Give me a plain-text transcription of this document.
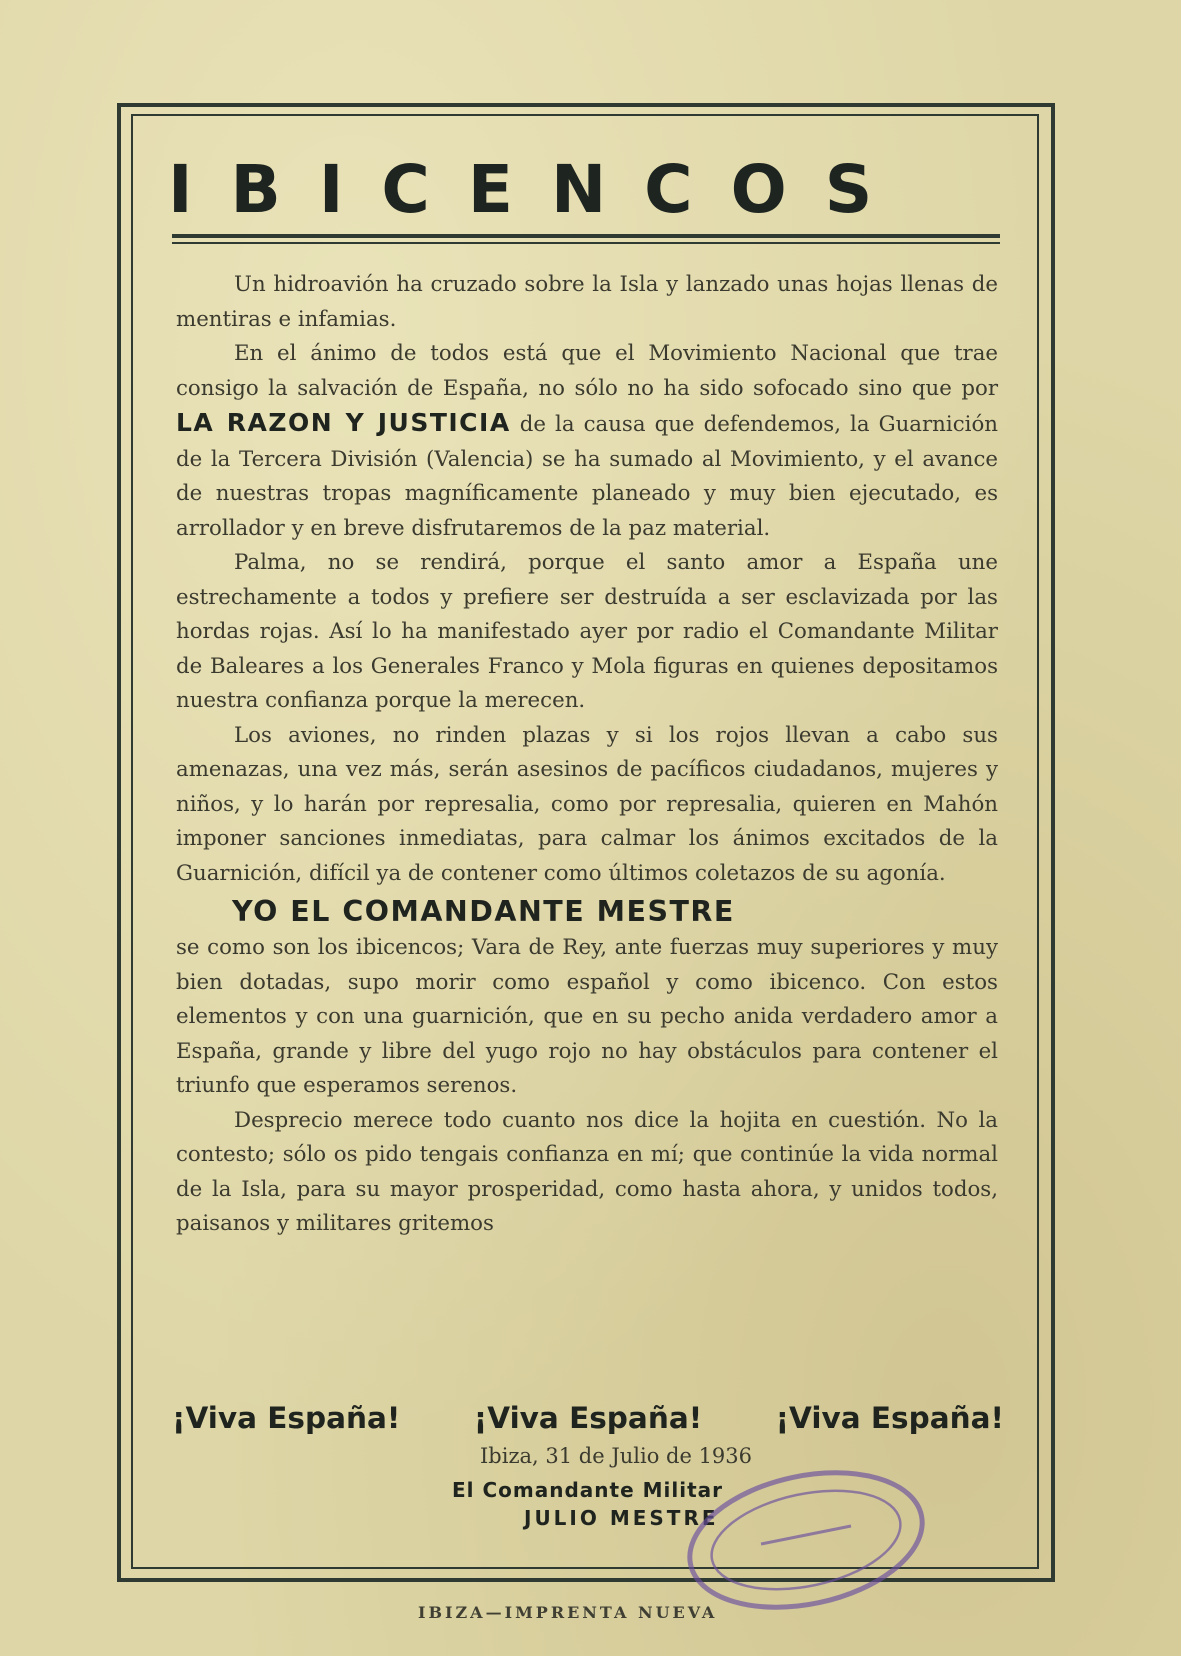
IBICENCOS

Un hidroavión ha cruzado sobre la Isla y lanzado unas hojas llenas de mentiras e infamias.

En el ánimo de todos está que el Movimiento Nacional que trae consigo la salvación de España, no sólo no ha sido sofocado sino que por LA RAZON Y JUSTICIA de la causa que defendemos, la Guarnición de la Tercera División (Valencia) se ha sumado al Movimiento, y el avance de nuestras tropas magníficamente planeado y muy bien ejecutado, es arrollador y en breve disfrutaremos de la paz material.

Palma, no se rendirá, porque el santo amor a España une estrechamente a todos y prefiere ser destruída a ser esclavizada por las hordas rojas. Así lo ha manifestado ayer por radio el Comandante Militar de Baleares a los Generales Franco y Mola figuras en quienes depositamos nuestra confianza porque la merecen.

Los aviones, no rinden plazas y si los rojos llevan a cabo sus amenazas, una vez más, serán asesinos de pacíficos ciudadanos, mujeres y niños, y lo harán por represalia, como por represalia, quieren en Mahón imponer sanciones inmediatas, para calmar los ánimos excitados de la Guarnición, difícil ya de contener como últimos coletazos de su agonía.

YO EL COMANDANTE MESTRE

se como son los ibicencos; Vara de Rey, ante fuerzas muy superiores y muy bien dotadas, supo morir como español y como ibicenco. Con estos elementos y con una guarnición, que en su pecho anida verdadero amor a España, grande y libre del yugo rojo no hay obstáculos para contener el triunfo que esperamos serenos.

Desprecio merece todo cuanto nos dice la hojita en cuestión. No la contesto; sólo os pido tengais confianza en mí; que continúe la vida normal de la Isla, para su mayor prosperidad, como hasta ahora, y unidos todos, paisanos y militares gritemos

¡Viva España! ¡Viva España! ¡Viva España!
Ibiza, 31 de Julio de 1936
El Comandante Militar
JULIO MESTRE
IBIZA—IMPRENTA NUEVA
